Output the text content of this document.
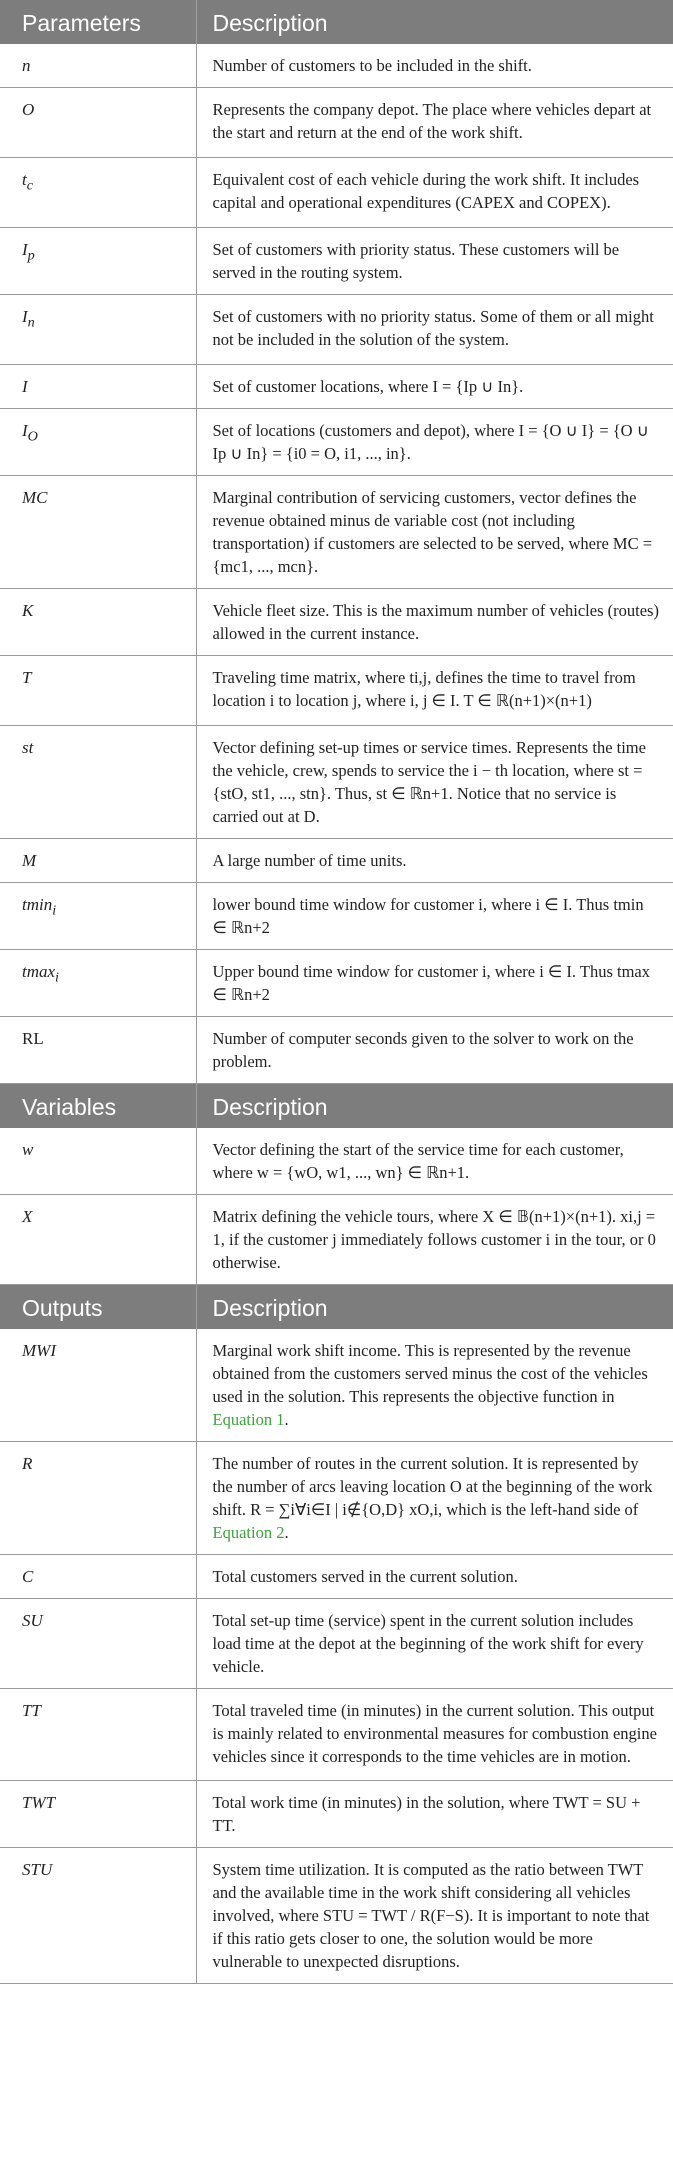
Parameters	Description
n	Number of customers to be included in the shift.
O	Represents the company depot. The place where vehicles depart at the start and return at the end of the work shift.
$t_c$	Equivalent cost of each vehicle during the work shift. It includes capital and operational expenditures (CAPEX and COPEX).
$I_p$	Set of customers with priority status. These customers will be served in the routing system.
$I_n$	Set of customers with no priority status. Some of them or all might not be included in the solution of the system.
I	Set of customer locations, where I = {Ip ∪ In}.
$I_O$	Set of locations (customers and depot), where I = {O ∪ I} = {O ∪ Ip ∪ In} = {i0 = O, i1, ..., in}.
MC	Marginal contribution of servicing customers, vector defines the revenue obtained minus de variable cost (not including transportation) if customers are selected to be served, where MC = {mc1, ..., mcn}.
K	Vehicle fleet size. This is the maximum number of vehicles (routes) allowed in the current instance.
T	Traveling time matrix, where ti,j, defines the time to travel from location i to location j, where i, j ∈ I. T ∈ ℝ(n+1)×(n+1)
st	Vector defining set-up times or service times. Represents the time the vehicle, crew, spends to service the i − th location, where st = {stO, st1, ..., stn}. Thus, st ∈ ℝn+1. Notice that no service is carried out at D.
M	A large number of time units.
tmin$_i$	lower bound time window for customer i, where i ∈ I. Thus tmin ∈ ℝn+2
tmax$_i$	Upper bound time window for customer i, where i ∈ I. Thus tmax ∈ ℝn+2
RL	Number of computer seconds given to the solver to work on the problem.
Variables	Description
w	Vector defining the start of the service time for each customer, where w = {wO, w1, ..., wn} ∈ ℝn+1.
X	Matrix defining the vehicle tours, where X ∈ 𝔹(n+1)×(n+1). xi,j = 1, if the customer j immediately follows customer i in the tour, or 0 otherwise.
Outputs	Description
MWI	Marginal work shift income. This is represented by the revenue obtained from the customers served minus the cost of the vehicles used in the solution. This represents the objective function in Equation 1.
R	The number of routes in the current solution. It is represented by the number of arcs leaving location O at the beginning of the work shift. R = ∑i∀i∈I | i∉{O,D} xO,i, which is the left-hand side of Equation 2.
C	Total customers served in the current solution.
SU	Total set-up time (service) spent in the current solution includes load time at the depot at the beginning of the work shift for every vehicle.
TT	Total traveled time (in minutes) in the current solution. This output is mainly related to environmental measures for combustion engine vehicles since it corresponds to the time vehicles are in motion.
TWT	Total work time (in minutes) in the solution, where TWT = SU + TT.
STU	System time utilization. It is computed as the ratio between TWT and the available time in the work shift considering all vehicles involved, where STU = TWT / R(F−S). It is important to note that if this ratio gets closer to one, the solution would be more vulnerable to unexpected disruptions.
